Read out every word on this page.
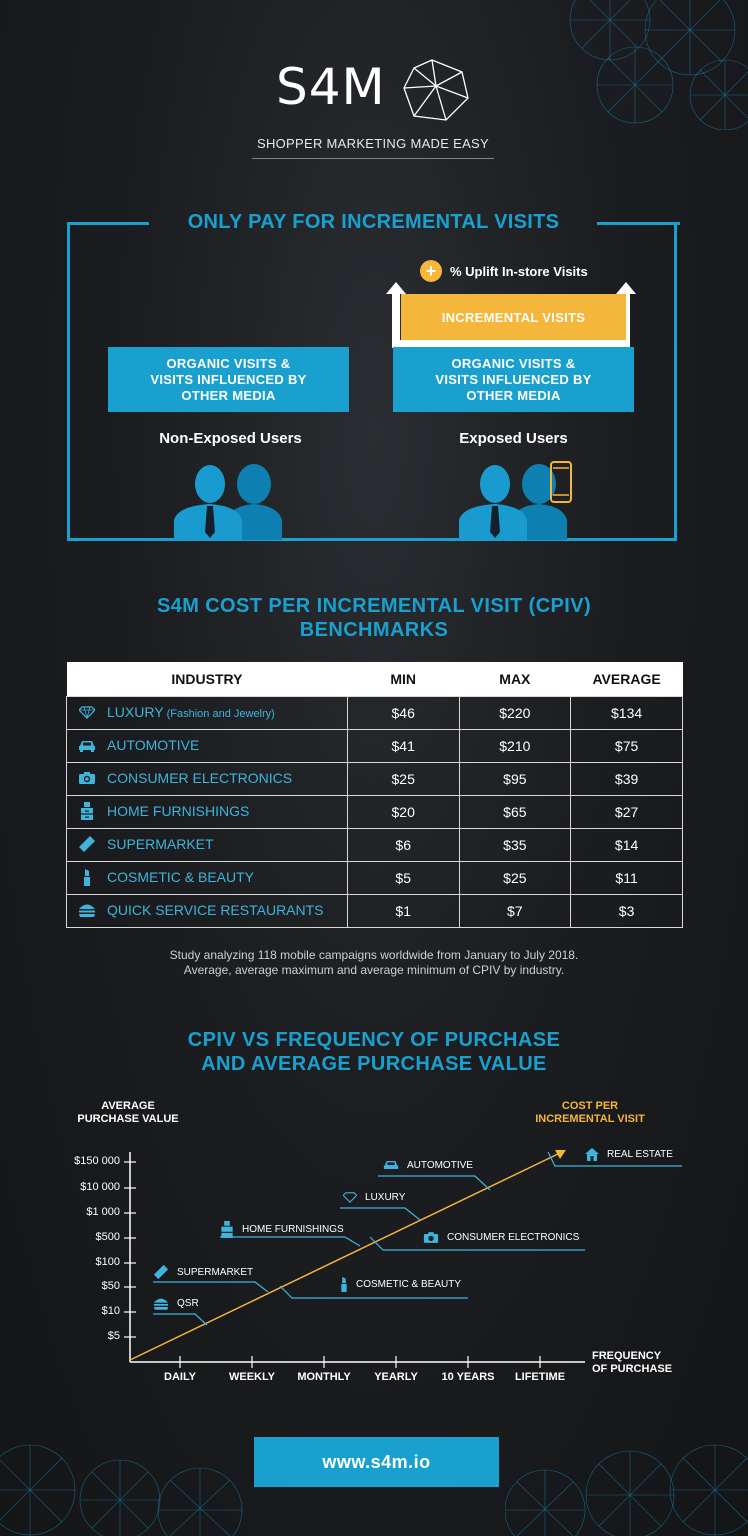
S4M
SHOPPER MARKETING MADE EASY
ONLY PAY FOR INCREMENTAL VISITS
+	% Uplift In-store Visits
INCREMENTAL VISITS
ORGANIC VISITS & VISITS INFLUENCED BY OTHER MEDIA
ORGANIC VISITS & VISITS INFLUENCED BY OTHER MEDIA
Non-Exposed Users	Exposed Users
S4M COST PER INCREMENTAL VISIT (CPIV)
BENCHMARKS
INDUSTRY	MIN	MAX	AVERAGE
LUXURY (Fashion and Jewelry)	$46	$220	$134
AUTOMOTIVE	$41	$210	$75
CONSUMER ELECTRONICS	$25	$95	$39
HOME FURNISHINGS	$20	$65	$27
SUPERMARKET	$6	$35	$14
COSMETIC & BEAUTY	$5	$25	$11
QUICK SERVICE RESTAURANTS	$1	$7	$3
Study analyzing 118 mobile campaigns worldwide from January to July 2018.
Average, average maximum and average minimum of CPIV by industry.
CPIV VS FREQUENCY OF PURCHASE
AND AVERAGE PURCHASE VALUE
AVERAGE
PURCHASE VALUE
FREQUENCY
OF PURCHASE
COST PER
INCREMENTAL VISIT
$150 000
$10 000
$1 000
$500
$100
$50
$10
$5
DAILY	WEEKLY	MONTHLY	YEARLY	10 YEARS	LIFETIME
REAL ESTATE
AUTOMOTIVE
LUXURY
HOME FURNISHINGS
CONSUMER ELECTRONICS
SUPERMARKET
COSMETIC & BEAUTY
QSR
www.s4m.io
